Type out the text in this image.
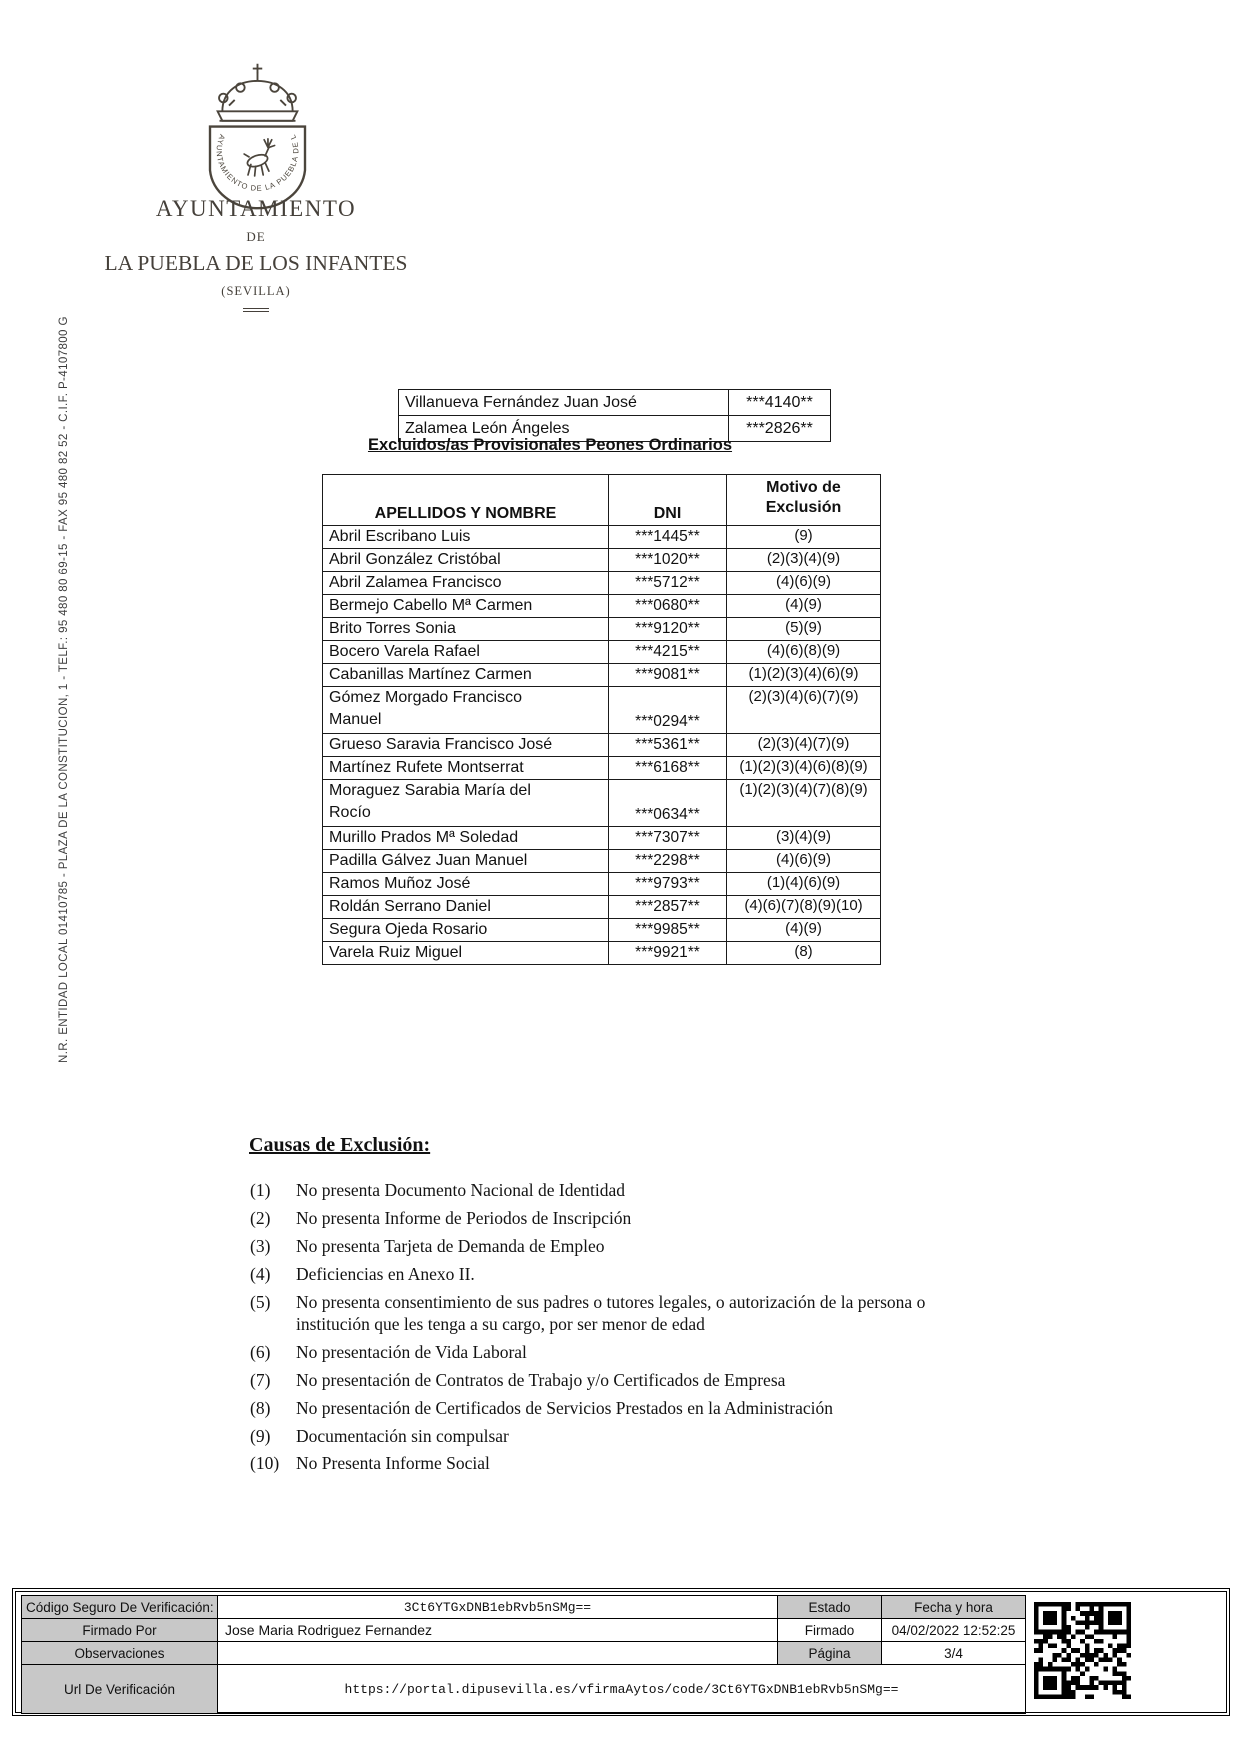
N.R. ENTIDAD LOCAL 01410785 - PLAZA DE LA CONSTITUCION, 1 - TELF.: 95 480 80 69-15 - FAX 95 480 82 52 - C.I.F. P-4107800 G
AYUNTAMIENTO DE LA PUEBLA DE L
AYUNTAMIENTO
DE
LA PUEBLA DE LOS INFANTES
(SEVILLA)
Villanueva Fernández Juan José	***4140**
Zalamea León Ángeles	***2826**
Excluidos/as Provisionales Peones Ordinarios
APELLIDOS Y NOMBRE	DNI	Motivo de Exclusión
Abril Escribano Luis	***1445**	(9)
Abril González Cristóbal	***1020**	(2)(3)(4)(9)
Abril Zalamea Francisco	***5712**	(4)(6)(9)
Bermejo Cabello Mª Carmen	***0680**	(4)(9)
Brito Torres Sonia	***9120**	(5)(9)
Bocero Varela Rafael	***4215**	(4)(6)(8)(9)
Cabanillas Martínez Carmen	***9081**	(1)(2)(3)(4)(6)(9)
Gómez Morgado Francisco Manuel	***0294**	(2)(3)(4)(6)(7)(9)
Grueso Saravia Francisco José	***5361**	(2)(3)(4)(7)(9)
Martínez Rufete Montserrat	***6168**	(1)(2)(3)(4)(6)(8)(9)
Moraguez Sarabia María del Rocío	***0634**	(1)(2)(3)(4)(7)(8)(9)
Murillo Prados Mª Soledad	***7307**	(3)(4)(9)
Padilla Gálvez Juan Manuel	***2298**	(4)(6)(9)
Ramos Muñoz José	***9793**	(1)(4)(6)(9)
Roldán Serrano Daniel	***2857**	(4)(6)(7)(8)(9)(10)
Segura Ojeda Rosario	***9985**	(4)(9)
Varela Ruiz Miguel	***9921**	(8)
Causas de Exclusión:
(1)	No presenta Documento Nacional de Identidad
(2)	No presenta Informe de Periodos de Inscripción
(3)	No presenta Tarjeta de Demanda de Empleo
(4)	Deficiencias en Anexo II.
(5)	No presenta consentimiento de sus padres o tutores legales, o autorización de la persona o institución que les tenga a su cargo, por ser menor de edad
(6)	No presentación de Vida Laboral
(7)	No presentación de Contratos de Trabajo y/o Certificados de Empresa
(8)	No presentación de Certificados de Servicios Prestados en la Administración
(9)	Documentación sin compulsar
(10) No Presenta Informe Social
Código Seguro De Verificación:	3Ct6YTGxDNB1ebRvb5nSMg==	Estado	Fecha y hora
Firmado Por	Jose Maria Rodriguez Fernandez	Firmado	04/02/2022 12:52:25
Observaciones		Página	3/4
Url De Verificación	https://portal.dipusevilla.es/vfirmaAytos/code/3Ct6YTGxDNB1ebRvb5nSMg==		
